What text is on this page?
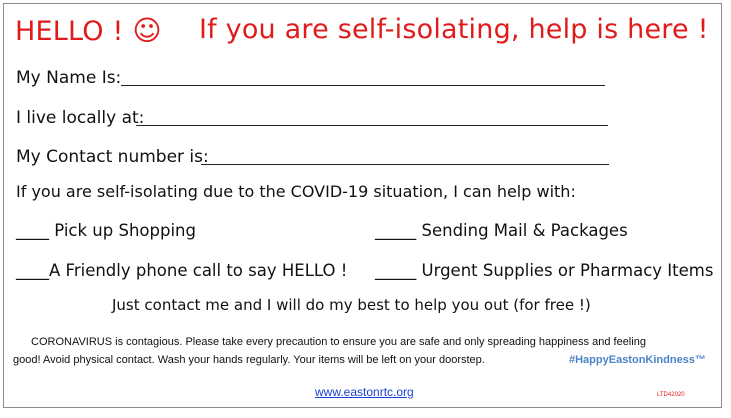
HELLO ! ☺ If you are self-isolating, help is here !
My Name Is:
I live locally at:
My Contact number is:
If you are self-isolating due to the COVID-19 situation, I can help with:
____ Pick up Shopping	_____ Sending Mail & Packages
____A Friendly phone call to say HELLO ! _____ Urgent Supplies or Pharmacy Items
Just contact me and I will do my best to help you out (for free !)
CORONAVIRUS is contagious. Please take every precaution to ensure you are safe and only spreading happiness and feeling
good! Avoid physical contact. Wash your hands regularly. Your items will be left on your doorstep.	#HappyEastonKindness™
www.eastonrtc.org	LTD42020
